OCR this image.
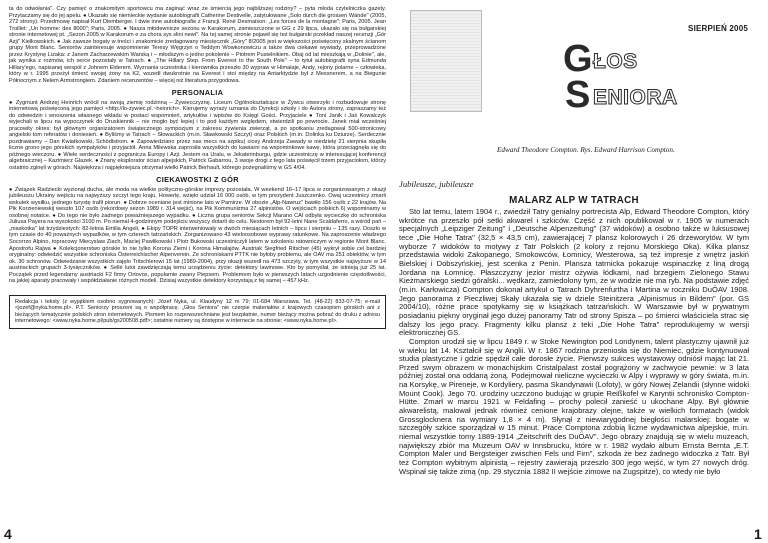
ta do odwołania". Czy pamięć o znakomitym sportowcu ma zaginąć wraz ze śmiercią jego najbliższej rodziny? – pyta młoda czytelniczka gazety. Przytaczamy się do jej apelu. ● Ukazało się niemieckie wydanie autobiografii Catherine Destivelle, zatytułowane „Solo durch die grossen Wände" (2005, 272 strony). Przedmowę napisał Kurt Diemberger. I dwie inne autobiografie z Francji. René Desmaison: „Les forces de la montagne"; Paris, 2005. Jean Troillet: „Un homme: des 8000"; Paris, 2005. ● Nasza młodewnicze sezonu w Karakorum, zamieszczone w GG z 29 lipca, ukazało się na bułgarskiej stronie internetowej pt. „Sezon 2005 w Karakorum e za chora sys slini newi". Na tej samej stronie pojawił się też bułgarski przekład naszej recenzji „Gór Azji" Kielkowskich. ● Jak zawsze bogaty w treści i znakomicie zredagowany miesięcznik „Góry" 8/2005 jest w większości poświęcony skalnym ścianom grupy Mont Blanc. Seniorów zainteresuje wspomnienie Teresy Węgrzyn o Teddym Wowkonowiczu a także dwa ciekawe wywiady, przeprowadzone przez Krystynę Lizaka: z Janem Zacharzewskim Warską i – młodszym o jedno pokolenie – Piotrem Pustelnikiem. Obaj od lat mieszkają w „Dolinie", ale, jak wynika z rozmów, ich serce pozostały w Tatrach. ● „The Hillary Step. From Everest to the South Pole" – to tytuł autobiografii syna Edmunda Hillary'ego, napisanej wespół z Johnem Elderem. Wyznania uczestnika i kierownika przeszło 30 wypraw w Himalaje, Andy, rejony polarne – człowieka, który w r. 1995 przeżył śmierć swojej żony na K2, wszedł dwukrotnie na Everest i stoi między na Antarktydzie był z Messnerem, a na Biegunie Północnym z Nelem Armstrongiem. Zdaniem recenzentów – więcej niż literatura przygodowa.

PERSONALIA

● Zygmunt Andrzej Heinrich wrócił na swoją ziemię rodzinną – Żywiecczyznę. Liceum Ogólnokształcące w Żywcu otworzyło i rozbudowuje stronę internetową poświęconą jego pamięci <http://lo-zywiec.pl.~heinrich>. Kierujemy wyrazy uznania do Dyrekcji szkoły i do Autora strony, zapraszamy też do odwiedzin i wnoszenia własnego wkładu w postaci wspomnień, artykułów i wpisów do Księgi Gości. Przyjaciele ● Toni Janik i Jaś Kowalczyk wyjechali w lipcu na wypoczynek do Druskiennik – nie mogło być lepiej i to pod każdym względem, stwierdzili po powrocie. Janek miał wcześniej pracowity okres: był głównym organizatorem świątecznego sympozjum z zakresu żywienia zwierząt, a po spotkaniu zredagował 500-stronicowy angielski tom referatów i doniesień. ● Byliśmy w Tatrach – Słowackich (m.in. Sławkowski Szczyt) oraz Polskich (m.in. Dolinka ku Dziurze). Serdecznie pozdrawiamy – Dan Kwiatkowski, Schödlstrom. ● Zapowiedziano przez nas mecs na szpiku) ciosy Andrzeja Zawady w niedzielę 21 sierpnia skupiła liczne grono jego górskich sympatyków i przyjaciół. Anna Milewska zaprosiła wszystkich do kawiarni na wspominkowe kawę, która przeciągnęła się do późnego wieczoru. ● Wiele serdeczności z pogranicza Europy i Azji. Jestem na Uralu, w Jekaterinburgu, gdzie uczestniczę w interesującej konferencji algebraicznej – Kazimierz Glazek. ● Znany eksplorator ścian alpejskich, Patrick Gabarrou, 3 swoje drogi z tego lata poświęcił trzem przyjaciołom, którzy ostatnio zginęli w górach. Najwiękrza i najpiękniejsza otrzymał wielki Patrick Berhault, którego pożegnaliśmy w GS 4/04.

CIEKAWOSTKI Z GÓR

● Związek Radziecki wyzionął ducha, ale moda na wielkie polityczno-górskie imprezy pozostała. W weekend 16–17 lipca w zorganizowanym z okazji jubileuszu Ukrainy wejściu na najwyższy szczyt tego kraju, Howerlę, wzięło udział 16 000 osób, w tym prezydent Juszczenko. Owaj uczestnicy zmarli wskutek wysiłku, jednego turystę trafił piorun. ● Dobrze oceniane jest minione lato w Pamirze. W obozie „Alp-Nawruz" bawiło 156 osób z 22 krajów. Na Pik Korzieniewskij weszło 107 osób (rekordowy sezon 1989 r. 314 wejść), na Pik Kommunizma 27 alpinistów. O wejściach polskich 6) wspominamy w osobnej notatce. ● Do tego nie było żadnego poważniejszego wypadku. ● Liczna grupa seniorów Sekcji Marano CAI odbyła wycieczkę do schroniska Juliusa Payera na wysokości 3100 m. Po niemal 4-godzinnym podejściu wszyscy dotarli do celu. Nestorem był 92-letni Nane Scaldaferro, a wśród pań – „maskotka" lat trzydziestych: 82-letnia Emilia Angeli. ● Ekipy TOPR interweniowały w dwóch miesiącach letnich – lipcu i sierpniu – 135 razy. Doszło w tym czasie do 40 poważnych wypadków, w tym czterech tatrzańskich. Zorganizowano 43 wieloosobowe wyprawy ratunkowe. Na zaproszenie władzego Socorrzo Alpino, topracowy Miecyslaw Ziach, Maciej Pawlikowski i Piotr Bukowski uczestniczyli latem w szkoleniu ratowniczym w regionie Mont Blanc. Apostrofu Rajwa ● Kolekcjonerstwo górskie to nie tylko Korona Ziemi i Korona Himalajów. Austriak Siegfried Ritscher (45) wykrył sobie cel bardziej oryginalny: odwiedzić wszystkie schroniska Österreichischer Alpenverein. Ze schroniskami PTTK nie byłoby problemu, ale OAV ma 251 obiektów, w tym ok. 30 schronów. Odwiedzanie wszystkich zajęło Tritschlerowi 15 lat (1989-2004), przy okazji wszedł na 473 szczyty, w tym wszystkie najwyższe w 14 austriackich grupach 3-tysięczników. ● Sellé lutoi zawdzięczają temu urządzeniu życie: detektory lawinowe. Kto by pomyślał, że istnieją już 25 lat. Początek przed legendarny austriacki F2 firmy Ortovox, popularnie zwany Piepsem. Problemem było w pierwszych latach uzgodnienie częstotliwości, na jakiej aparaty pracowały i współdziałanie różnych modeli. Dzisiaj wszystkie detektory korzystają z tej samej – 457 kHz.

Redakcja i teksty (z wyjątkiem osobno sygnowanych): Józef Nyka, ul. Klaudyny 12 m 79; 01-684 Warszawa. Tel. (48-22) 833-07-75; e-mail <jozef@nyka.home.pl>. P.T. Seniorzy proszeni są o współpracę. „Głos Seniora" nie czerpie materiałów z krajowych czasopism górskich ani z bieżących tematycznie polskich stron internetowych. Pismem ko rozpowszechniane jest bezpłatnie, numer bieżący można pobrać do druku z adresu internetowego: <www.nyka.home.pl/pub/gs200508.pdf>; ostatnie numery są dostępne w internecie na stronie: <www.nyka.home.pl>.
4
SIERPIEŃ 2005
G ŁOS
S ENIORA
Edward Theodore Compton. Rys. Edward Harrison Compton.
Jubileusze, jubileusze
MALARZ ALP W TATRACH

Sto lat temu, latem 1904 r., zwiedził Tatry genialny portrecista Alp, Edward Theodore Compton, który wkrótce na przeszło pół setki akwarel i szkiców. Część z nich opublikował w r. 1905 w numerach specjalnych „Leipziger Zeitung" i „Deutsche Alpenzeitung" (37 widoków) a osobno także w luksusowej tece „Die Hohe Tatra" (32,5 × 43,5 cm), zawierającej 7 plansz kolorowych i 26 drzeworytów. W tym wyborze 7 widoków to motywy z Tatr Polskich (2 kolory z rejonu Morskiego Oka). Kilka plansz przedstawia widoki Zakopanego, Smokowców, Łomnicy, Westerowa, są też impresje z wnętrz jaskiń Bielskiej i Dobszyńskiej, jest scenka z Penin. Plansza tatrnicka pokazuje wspinaczkę z liną drogą Jordana na Łomnicę. Płaszczyzny jezior mistrz ożywia łódkami, nad brzegiem Zielonego Stawu Kieżmarskiego siedzi góralski... wędkarz, zamiedolony tym, że w wodzie nie ma ryb. Na podstawie zdjęć (m.in. Karłowicza) Compton dokonał artykuł o Tatrach Dyhrenfurtha i Martina w roczniku DuÖAV 1908. Jego panorama z Pieczliwej Skały ukazała się w dziele Steinitzera „Alpinismus in Bildern" (por. GS 2004/10), różne prace spotykamy się w książkach tatrzańskich. W Warszawie był w prywatnym posiadaniu piękny oryginał jego dużej panoramy Tatr od strony Spisza – po śmierci właściciela strac się dalszy los jego pracy. Fragmenty kilku plansz z teki „Die Hohe Tatra" reprodukujemy w wersji elektronicznej GS.

Compton urodził się w lipcu 1849 r. w Stoke Newington pod Londynem, talent plastyczny ujawnił już w wieku lat 14. Kształcił się w Anglii. W r. 1867 rodzina przeniosła się do Niemiec, gdzie kontynuował studia plastyczne i gdzie spędził całe dorosłe życie. Pierwszy sukces wystawowy odniósł mając lat 21. Przed swym obrazem w monachijskim Cristalpalast został pogrążony w zachwycie pewnie: w 3 lata później został ona oddaną żoną. Podejmował nieliczne wycieczki w Alpy i wyprawy w góry świata, m.in. na Korsykę, w Pireneje, w Kordyliery, pasma Skandynawii (Lofoty), w góry Nowej Zelandii (słynne widoki Mount Cook). Jego 70. urodziny uczczono budując w grupie Reißkofel w Karyntii schronisko Compton-Hütte. Zmarł w marcu 1921 w Feldafing – prochy polecił zanieść u ukochane Alpy. Był głównie akwarelistą, malował jednak również cenione krajobrazy olejne, także w wielkich formatach (widok Grossglocknera na wymiary 1,8 × 4 m). Słynął z niewiarygodnej biegłości malarskiej: bogate w szczegóły szkice sporządzał w 15 minut. Prace Comptona zdobią liczne wydawnictwa alpejskie, m.in. niemal wszystkie tomy 1889-1914 „Zeitschrift des DuÖAV". Jego obrazy znajdują się w wielu muzeach, największy zbiór ma Muzeum OAV w Innsbrucku, które w r. 1982 wydało album Ernsta Bernta „E.T. Compton Maler und Bergsteiger zwischen Fels und Firn", szkoda że bez żadnego widoczka z Tatr. Był też Compton wybitnym alpinistą – rejestry zawierają przeszło 300 jego wejść, w tym 27 nowych dróg. Wspinał się także zimą (np. 29 stycznia 1882 II wejście zimowe na Zugspitze), co wtedy nie było

1
